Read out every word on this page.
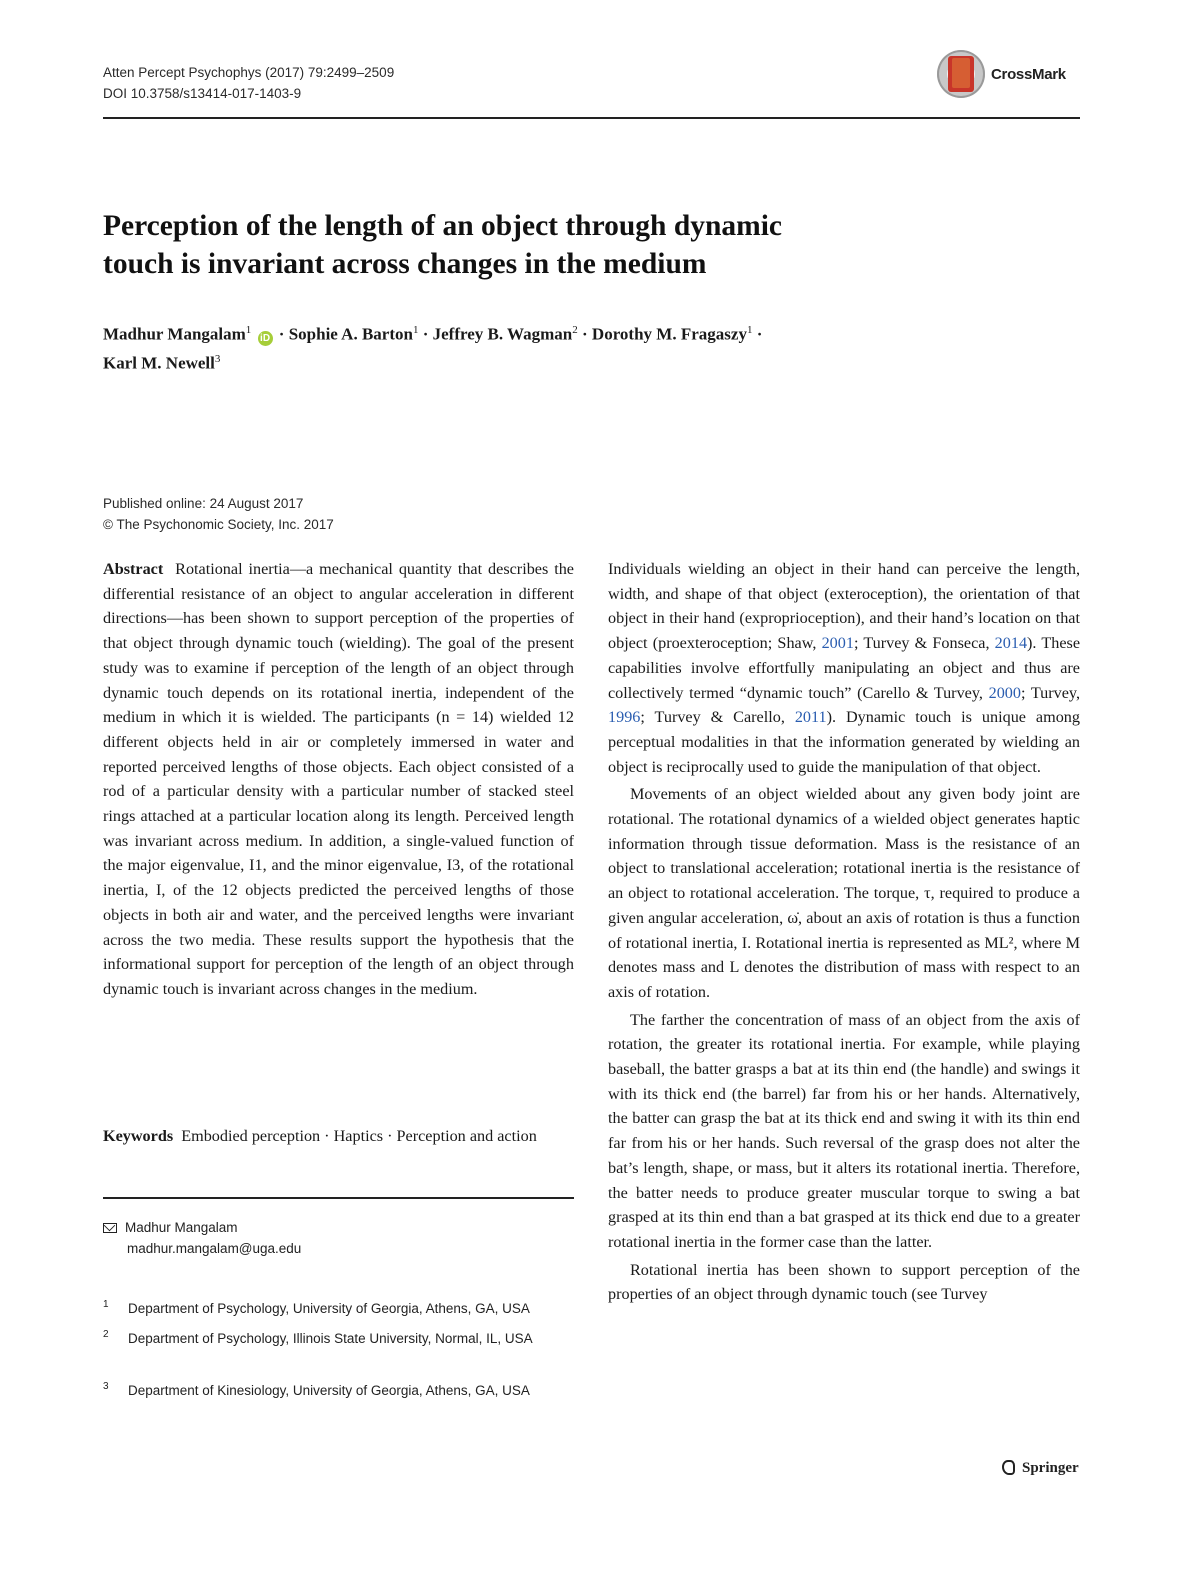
Atten Percept Psychophys (2017) 79:2499–2509
DOI 10.3758/s13414-017-1403-9
CrossMark
Perception of the length of an object through dynamic
touch is invariant across changes in the medium
Madhur Mangalam$^1$ iD · Sophie A. Barton$^1$ · Jeffrey B. Wagman$^2$ · Dorothy M. Fragaszy$^1$ ·
Karl M. Newell$^3$
Published online: 24 August 2017
© The Psychonomic Society, Inc. 2017

Abstract Rotational inertia—a mechanical quantity that describes the differential resistance of an object to angular acceleration in different directions—has been shown to support perception of the properties of that object through dynamic touch (wielding). The goal of the present study was to examine if perception of the length of an object through dynamic touch depends on its rotational inertia, independent of the medium in which it is wielded. The participants (n = 14) wielded 12 different objects held in air or completely immersed in water and reported perceived lengths of those objects. Each object consisted of a rod of a particular density with a particular number of stacked steel rings attached at a particular location along its length. Perceived length was invariant across medium. In addition, a single-valued function of the major eigenvalue, I1, and the minor eigenvalue, I3, of the rotational inertia, I, of the 12 objects predicted the perceived lengths of those objects in both air and water, and the perceived lengths were invariant across the two media. These results support the hypothesis that the informational support for perception of the length of an object through dynamic touch is invariant across changes in the medium.

Keywords Embodied perception · Haptics · Perception and action
Madhur Mangalam
madhur.mangalam@uga.edu
1	Department of Psychology, University of Georgia, Athens, GA, USA
2	Department of Psychology, Illinois State University, Normal, IL, USA
3	Department of Kinesiology, University of Georgia, Athens, GA, USA

Individuals wielding an object in their hand can perceive the length, width, and shape of that object (exteroception), the orientation of that object in their hand (exproprioception), and their hand’s location on that object (proexteroception; Shaw, 2001; Turvey & Fonseca, 2014). These capabilities involve effortfully manipulating an object and thus are collectively termed “dynamic touch” (Carello & Turvey, 2000; Turvey, 1996; Turvey & Carello, 2011). Dynamic touch is unique among perceptual modalities in that the information generated by wielding an object is reciprocally used to guide the manipulation of that object.

Movements of an object wielded about any given body joint are rotational. The rotational dynamics of a wielded object generates haptic information through tissue deformation. Mass is the resistance of an object to translational acceleration; rotational inertia is the resistance of an object to rotational acceleration. The torque, τ, required to produce a given angular acceleration, ω̇, about an axis of rotation is thus a function of rotational inertia, I. Rotational inertia is represented as ML², where M denotes mass and L denotes the distribution of mass with respect to an axis of rotation.

The farther the concentration of mass of an object from the axis of rotation, the greater its rotational inertia. For example, while playing baseball, the batter grasps a bat at its thin end (the handle) and swings it with its thick end (the barrel) far from his or her hands. Alternatively, the batter can grasp the bat at its thick end and swing it with its thin end far from his or her hands. Such reversal of the grasp does not alter the bat’s length, shape, or mass, but it alters its rotational inertia. Therefore, the batter needs to produce greater muscular torque to swing a bat grasped at its thin end than a bat grasped at its thick end due to a greater rotational inertia in the former case than the latter.

Rotational inertia has been shown to support perception of the properties of an object through dynamic touch (see Turvey

Springer
